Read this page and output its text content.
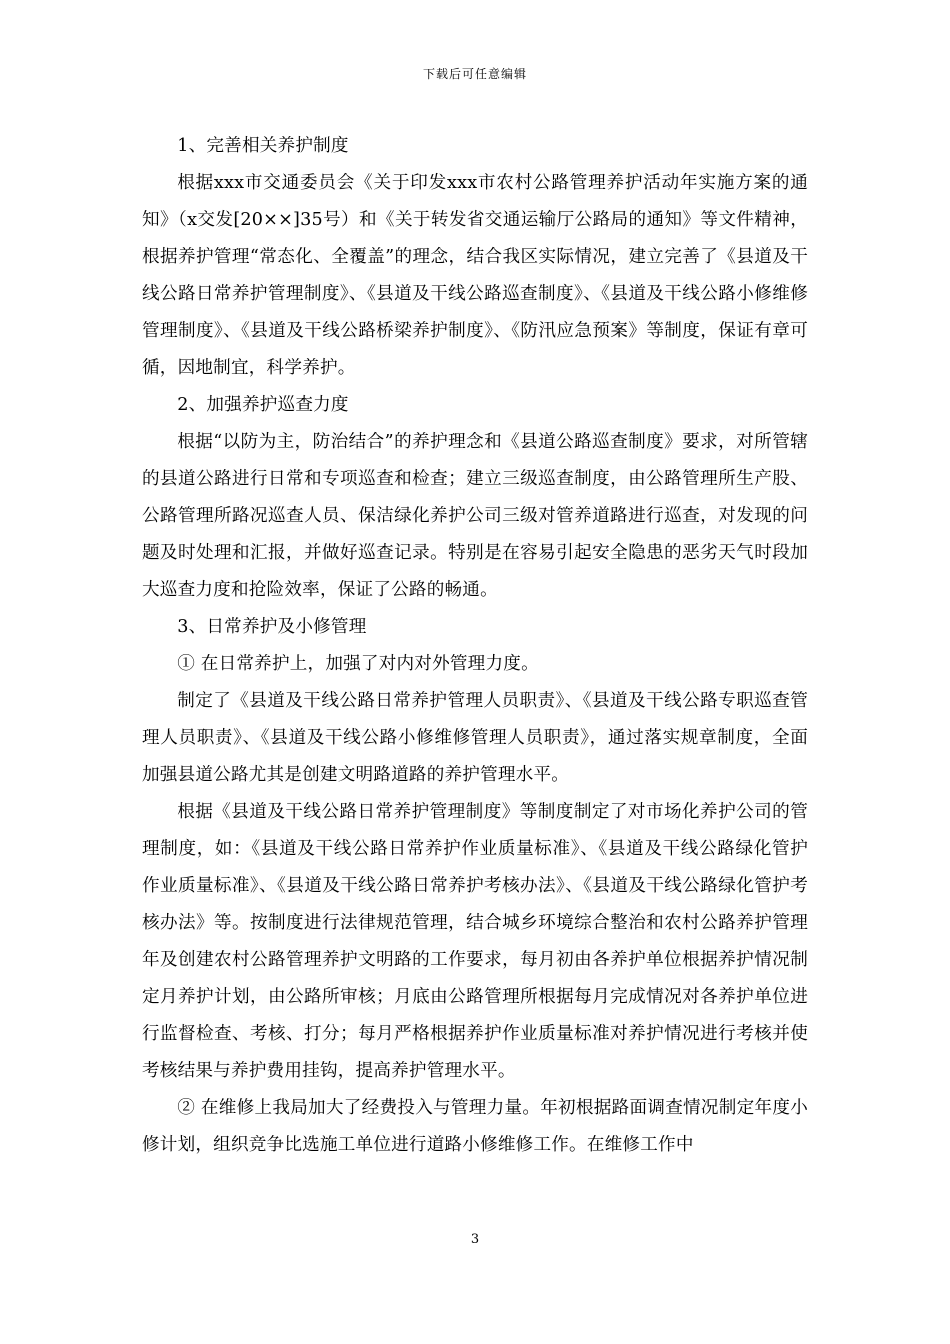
下载后可任意编辑

1、完善相关养护制度

根据xxx市交通委员会《关于印发xxx市农村公路管理养护活动年实施方案的通知》（x交发[20××]35号）和《关于转发省交通运输厅公路局的通知》等文件精神，根据养护管理“常态化、全覆盖”的理念，结合我区实际情况，建立完善了《县道及干线公路日常养护管理制度》、《县道及干线公路巡查制度》、《县道及干线公路小修维修管理制度》、《县道及干线公路桥梁养护制度》、《防汛应急预案》等制度，保证有章可循，因地制宜，科学养护。

2、加强养护巡查力度

根据“以防为主，防治结合”的养护理念和《县道公路巡查制度》要求，对所管辖的县道公路进行日常和专项巡查和检查；建立三级巡查制度，由公路管理所生产股、公路管理所路况巡查人员、保洁绿化养护公司三级对管养道路进行巡查，对发现的问题及时处理和汇报，并做好巡查记录。特别是在容易引起安全隐患的恶劣天气时段加大巡查力度和抢险效率，保证了公路的畅通。

3、日常养护及小修管理

① 在日常养护上，加强了对内对外管理力度。

制定了《县道及干线公路日常养护管理人员职责》、《县道及干线公路专职巡查管理人员职责》、《县道及干线公路小修维修管理人员职责》，通过落实规章制度，全面加强县道公路尤其是创建文明路道路的养护管理水平。

根据《县道及干线公路日常养护管理制度》等制度制定了对市场化养护公司的管理制度，如：《县道及干线公路日常养护作业质量标准》、《县道及干线公路绿化管护作业质量标准》、《县道及干线公路日常养护考核办法》、《县道及干线公路绿化管护考核办法》等。按制度进行法律规范管理，结合城乡环境综合整治和农村公路养护管理年及创建农村公路管理养护文明路的工作要求，每月初由各养护单位根据养护情况制定月养护计划，由公路所审核；月底由公路管理所根据每月完成情况对各养护单位进行监督检查、考核、打分；每月严格根据养护作业质量标准对养护情况进行考核并使考核结果与养护费用挂钩，提高养护管理水平。

② 在维修上我局加大了经费投入与管理力量。年初根据路面调查情况制定年度小修计划，组织竞争比选施工单位进行道路小修维修工作。在维修工作中

3
